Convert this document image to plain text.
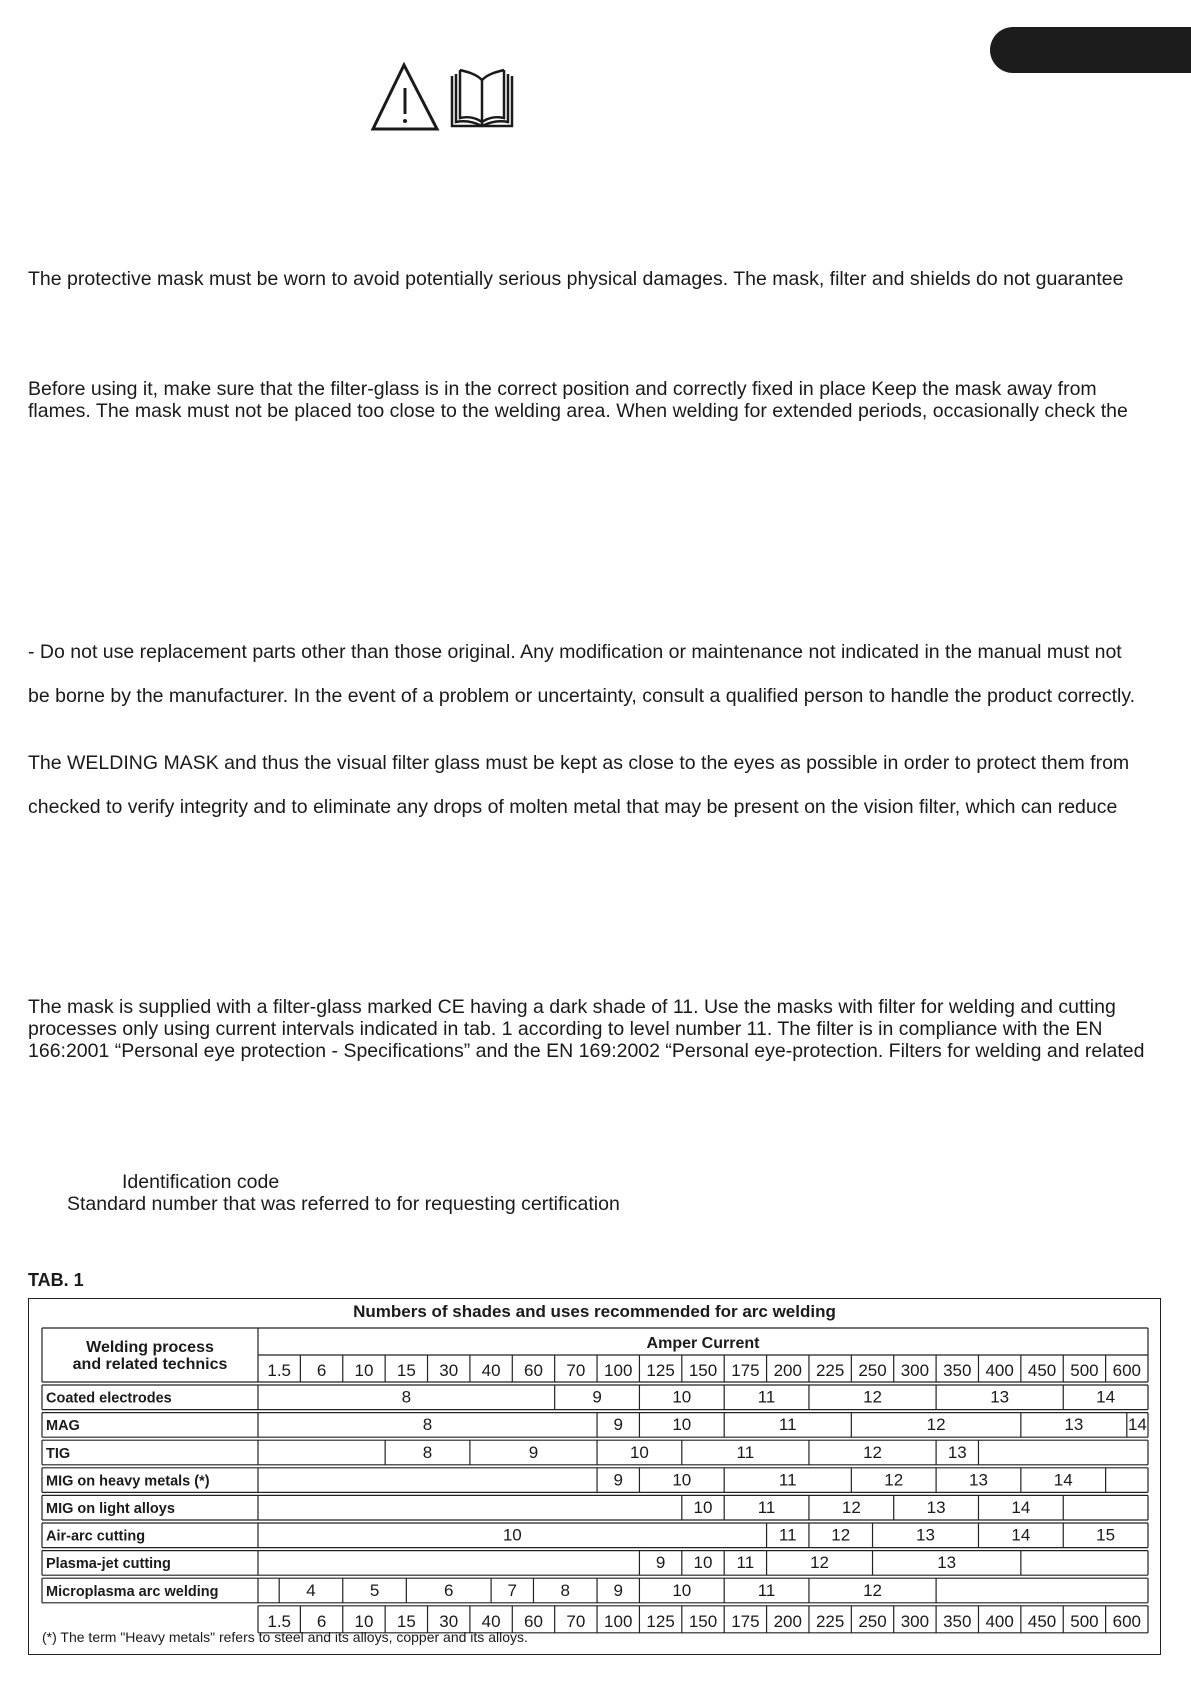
The protective mask must be worn to avoid potentially serious physical damages. The mask, filter and shields do not guarantee

Before using it, make sure that the filter-glass is in the correct position and correctly fixed in place Keep the mask away from

flames. The mask must not be placed too close to the welding area. When welding for extended periods, occasionally check the

- Do not use replacement parts other than those original. Any modification or maintenance not indicated in the manual must not

be borne by the manufacturer. In the event of a problem or uncertainty, consult a qualified person to handle the product correctly.

The WELDING MASK and thus the visual filter glass must be kept as close to the eyes as possible in order to protect them from

checked to verify integrity and to eliminate any drops of molten metal that may be present on the vision filter, which can reduce

The mask is supplied with a filter-glass marked CE having a dark shade of 11. Use the masks with filter for welding and cutting

processes only using current intervals indicated in tab. 1 according to level number 11. The filter is in compliance with the EN

166:2001 “Personal eye protection - Specifications” and the EN 169:2002 “Personal eye-protection. Filters for welding and related

Identification code

Standard number that was referred to for requesting certification

TAB. 1

Numbers of shades and uses recommended for arc welding

Welding process
and related technics
Amper Current
1.5 6 10 15 30 40 60 70 100 125 150 175 200 225 250 300 350 400 450 500 600
Coated electrodes	8	9	10	11	12	13	14
MAG	8	9	10	11	12	13	14
TIG	8	9	10	11	12	13
MIG on heavy metals (*)	9	10	11	12	13	14
MIG on light alloys	10	11	12	13	14
Air-arc cutting	10	11 12	13	14	15
Plasma-jet cutting	9 10 11	12	13
Microplasma arc welding	4	5	6	7	8	9	10	11	12
1.5 6 10 15 30 40 60 70 100 125 150 175 200 225 250 300 350 400 450 500 600

(*) The term "Heavy metals" refers to steel and its alloys, copper and its alloys.
